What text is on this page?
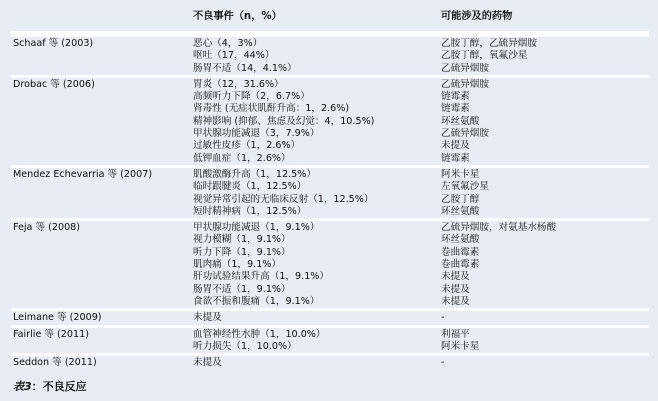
	不良事件（n，%）	可能涉及的药物

Schaaf 等 (2003)	恶心（4，3%）	乙胺丁醇，乙硫异烟胺
	呕吐（17，44%）	乙胺丁醇，氧氟沙星
	肠胃不适（14，4.1%）	乙硫异烟胺

Drobac 等 (2006)	胃炎（12，31.6%）	乙硫异烟胺
	高频听力下降（2，6.7%）	链霉素
	肾毒性 (无症状肌酐升高：1，2.6%)	链霉素
	精神影响 (抑郁、焦虑及幻觉：4，10.5%)	环丝氨酸
	甲状腺功能减退（3，7.9%）	乙硫异烟胺
	过敏性皮疹（1，2.6%）	未提及
	低钾血症（1，2.6%）	链霉素

Mendez Echevarria 等 (2007)	肌酸激酶升高（1，12.5%）	阿米卡星
	临时跟腱炎（1，12.5%）	左氧氟沙星
	视觉异常引起的无临床反射（1，12.5%）	乙胺丁醇
	短时精神病（1，12.5%）	环丝氨酸

Feja 等 (2008)	甲状腺功能减退（1，9.1%）	乙硫异烟胺，对氨基水杨酸
	视力模糊（1，9.1%）	环丝氨酸
	听力下降（1，9.1%）	卷曲霉素
	肌肉痛（1，9.1%）	卷曲霉素
	肝功试验结果升高（1，9.1%）	未提及
	肠胃不适（1，9.1%）	未提及
	食欲不振和腹痛（1，9.1%）	未提及

Leimane 等 (2009)	未提及	-

Fairlie 等 (2011)	血管神经性水肿（1，10.0%）	利福平
	听力损失（1，10.0%）	阿米卡星

Seddon 等 (2011)	未提及	-
表3：不良反应
